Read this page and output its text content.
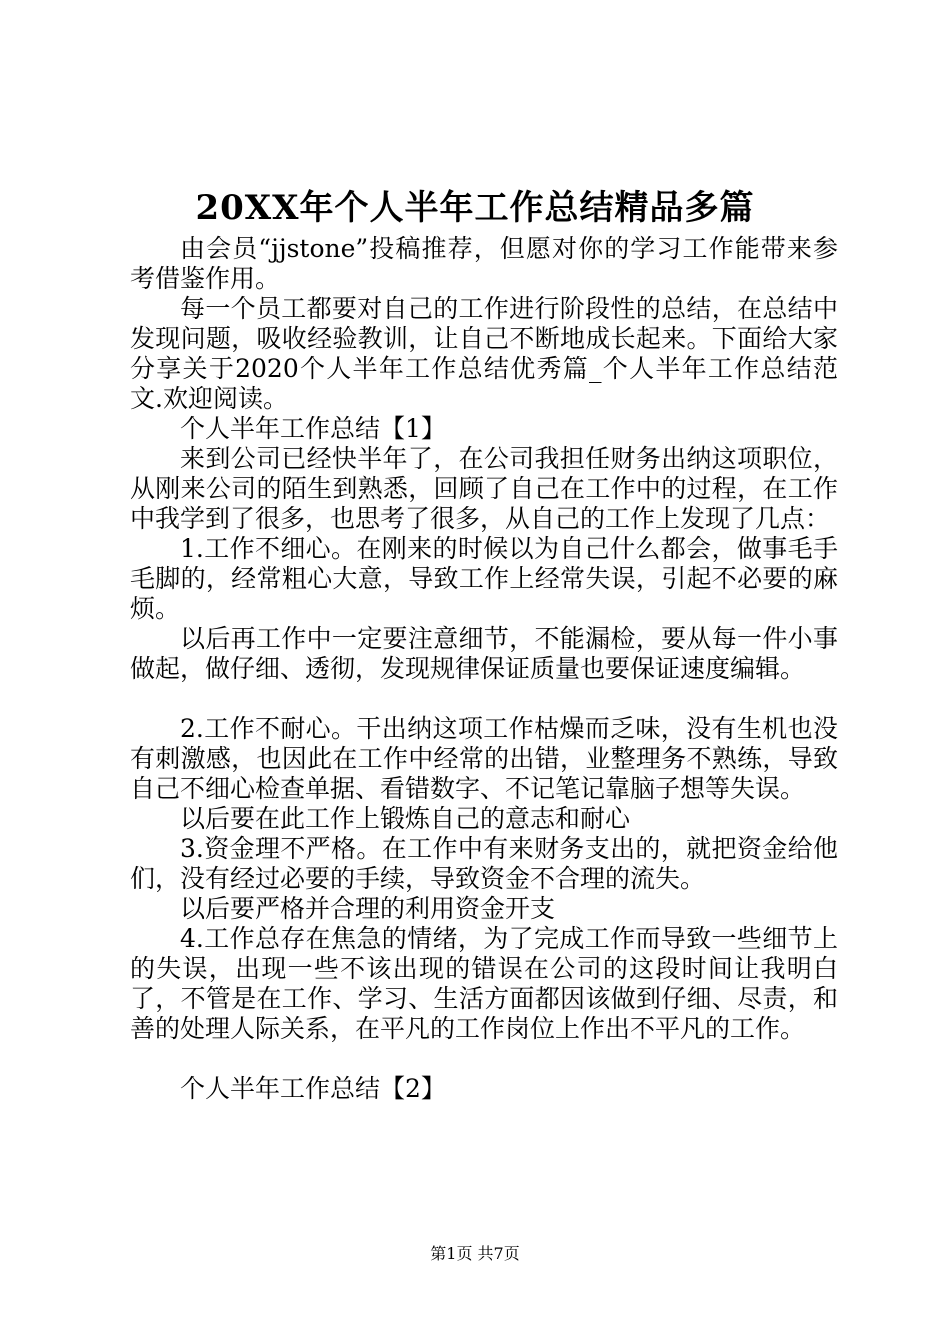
20XX年个人半年工作总结精品多篇

由会员“jjstone”投稿推荐，但愿对你的学习工作能带来参考借鉴作用。

每一个员工都要对自己的工作进行阶段性的总结，在总结中发现问题，吸收经验教训，让自己不断地成长起来。下面给大家分享关于2020个人半年工作总结优秀篇_个人半年工作总结范文.欢迎阅读。

个人半年工作总结【1】

来到公司已经快半年了，在公司我担任财务出纳这项职位，从刚来公司的陌生到熟悉，回顾了自己在工作中的过程，在工作中我学到了很多，也思考了很多，从自己的工作上发现了几点：

1.工作不细心。在刚来的时候以为自己什么都会，做事毛手毛脚的，经常粗心大意，导致工作上经常失误，引起不必要的麻烦。

以后再工作中一定要注意细节，不能漏检，要从每一件小事做起，做仔细、透彻，发现规律保证质量也要保证速度编辑。

2.工作不耐心。干出纳这项工作枯燥而乏味，没有生机也没有刺激感，也因此在工作中经常的出错，业整理务不熟练，导致自己不细心检查单据、看错数字、不记笔记靠脑子想等失误。

以后要在此工作上锻炼自己的意志和耐心

3.资金理不严格。在工作中有来财务支出的，就把资金给他们，没有经过必要的手续，导致资金不合理的流失。

以后要严格并合理的利用资金开支

4.工作总存在焦急的情绪，为了完成工作而导致一些细节上的失误，出现一些不该出现的错误在公司的这段时间让我明白了，不管是在工作、学习、生活方面都因该做到仔细、尽责，和善的处理人际关系，在平凡的工作岗位上作出不平凡的工作。

个人半年工作总结【2】

第1页 共7页
